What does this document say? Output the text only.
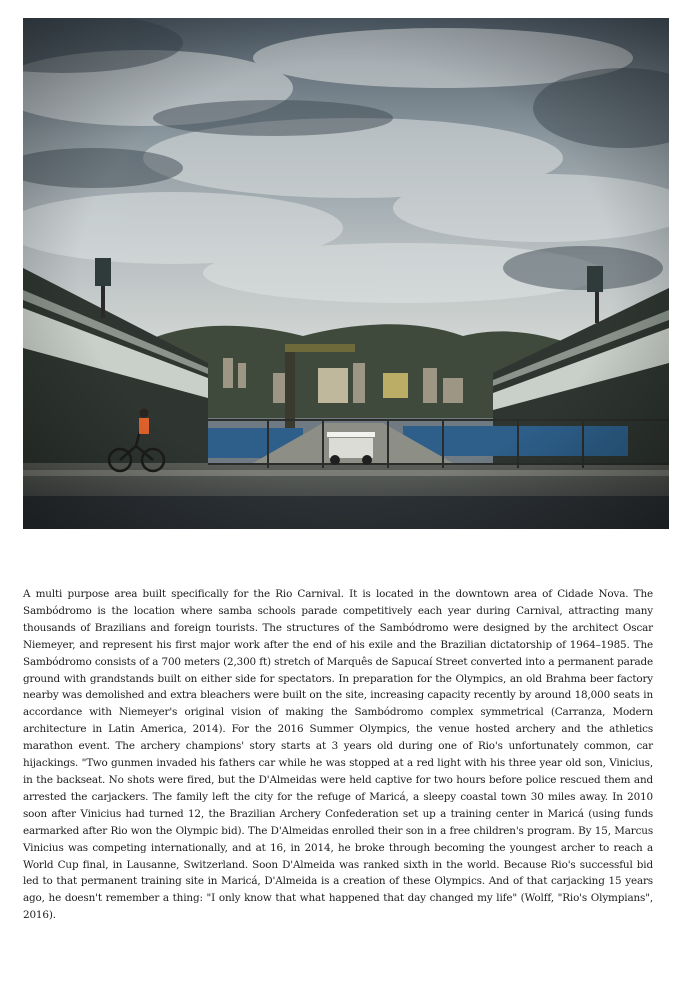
A multi purpose area built specifically for the Rio Carnival. It is located in the downtown area of Cidade Nova. The Sambódromo is the location where samba schools parade competitively each year during Carnival, attracting many thousands of Brazilians and foreign tourists. The structures of the Sambódromo were designed by the architect Oscar Niemeyer, and represent his first major work after the end of his exile and the Brazilian dictatorship of 1964–1985. The Sambódromo consists of a 700 meters (2,300 ft) stretch of Marquês de Sapucaí Street converted into a permanent parade ground with grandstands built on either side for spectators. In preparation for the Olympics, an old Brahma beer factory nearby was demolished and extra bleachers were built on the site, increasing capacity recently by around 18,000 seats in accordance with Niemeyer's original vision of making the Sambódromo complex symmetrical (Carranza, Modern architecture in Latin America, 2014). For the 2016 Summer Olympics, the venue hosted archery and the athletics marathon event. The archery champions' story starts at 3 years old during one of Rio's unfortunately common, car hijackings. "Two gunmen invaded his fathers car while he was stopped at a red light with his three year old son, Vinicius, in the backseat. No shots were fired, but the D'Almeidas were held captive for two hours before police rescued them and arrested the carjackers. The family left the city for the refuge of Maricá, a sleepy coastal town 30 miles away. In 2010 soon after Vinicius had turned 12, the Brazilian Archery Confederation set up a training center in Maricá (using funds earmarked after Rio won the Olympic bid). The D'Almeidas enrolled their son in a free children's program. By 15, Marcus Vinicius was competing internationally, and at 16, in 2014, he broke through becoming the youngest archer to reach a World Cup final, in Lausanne, Switzerland. Soon D'Almeida was ranked sixth in the world. Because Rio's successful bid led to that permanent training site in Maricá, D'Almeida is a creation of these Olympics. And of that carjacking 15 years ago, he doesn't remember a thing: "I only know that what happened that day changed my life" (Wolff, "Rio's Olympians", 2016).
